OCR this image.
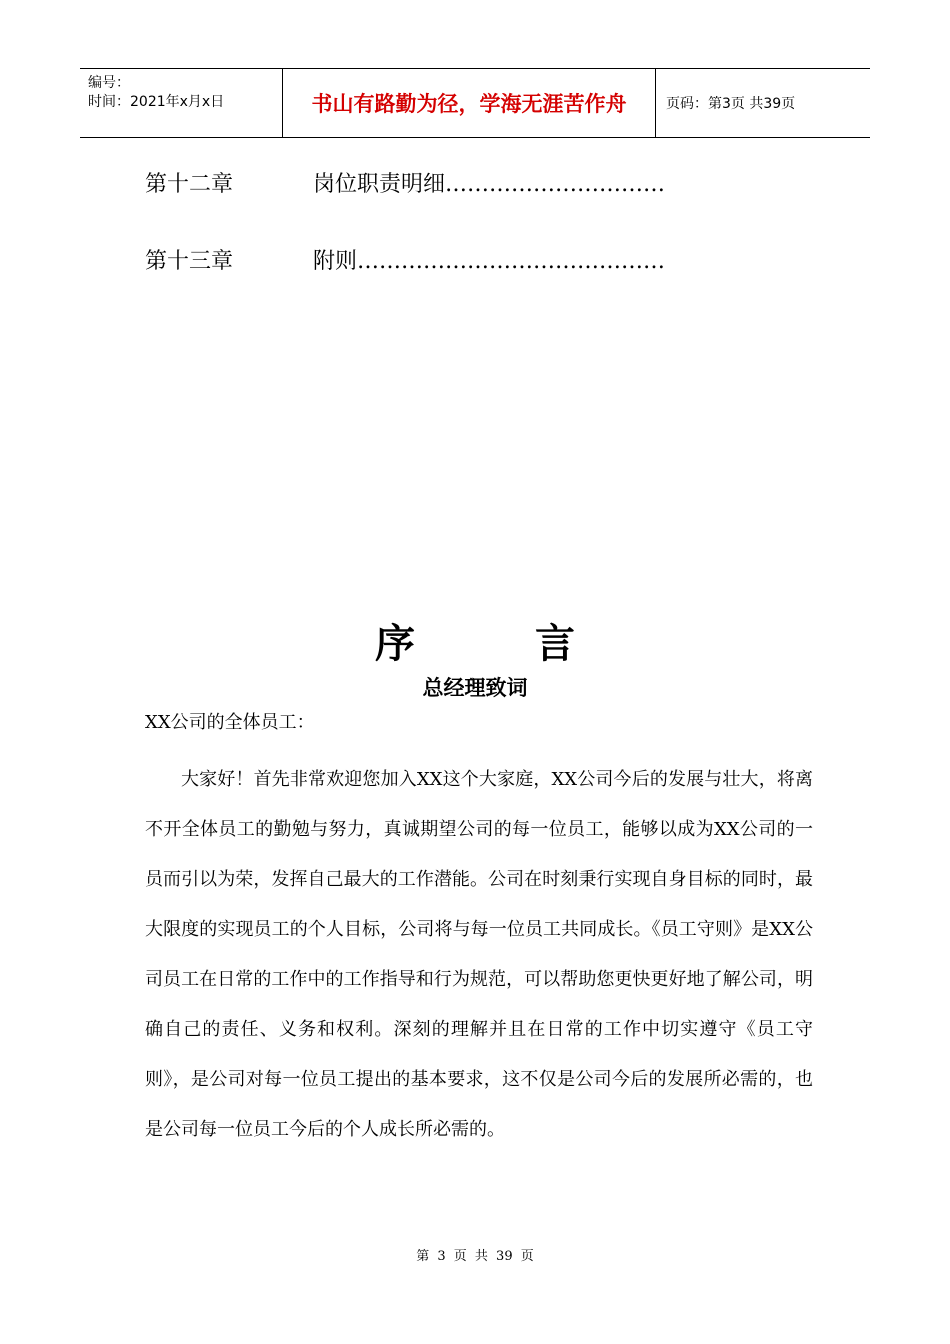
编号：
时间：2021年x月x日	书山有路勤为径，学海无涯苦作舟	页码：第3页 共39页
第十二章	岗位职责明细…………………………
第十三章	附则……………………………………
序言
总经理致词
XX公司的全体员工：

大家好！首先非常欢迎您加入XX这个大家庭，XX公司今后的发展与壮大，将离不开全体员工的勤勉与努力，真诚期望公司的每一位员工，能够以成为XX公司的一员而引以为荣，发挥自己最大的工作潜能。公司在时刻秉行实现自身目标的同时，最大限度的实现员工的个人目标，公司将与每一位员工共同成长。《员工守则》是XX公司员工在日常的工作中的工作指导和行为规范，可以帮助您更快更好地了解公司，明确自己的责任、义务和权利。深刻的理解并且在日常的工作中切实遵守《员工守则》，是公司对每一位员工提出的基本要求，这不仅是公司今后的发展所必需的，也是公司每一位员工今后的个人成长所必需的。

第 3 页 共 39 页
